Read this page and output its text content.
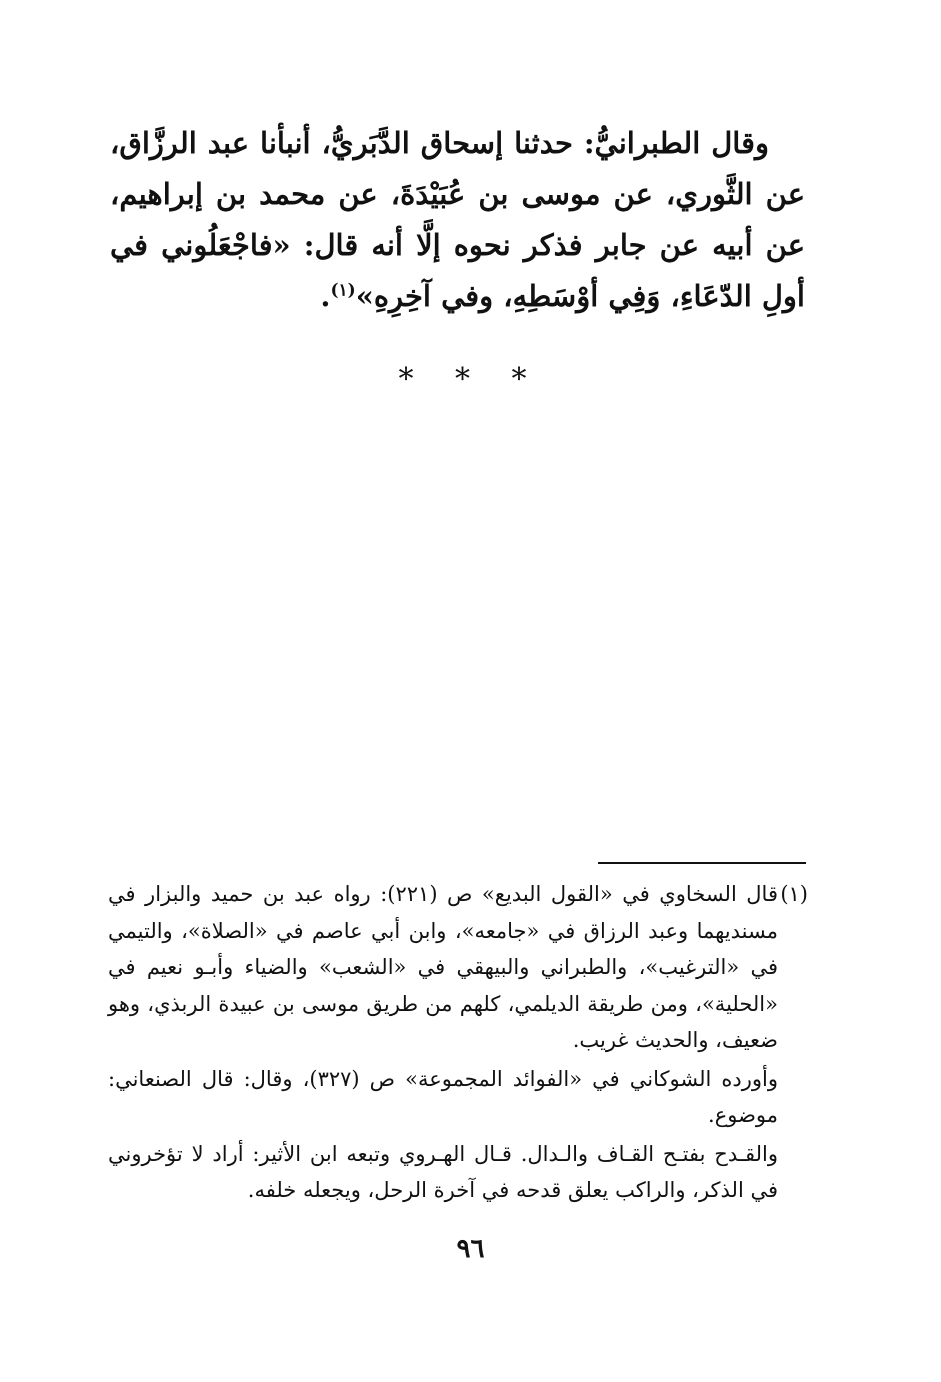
وقال الطبرانيُّ: حدثنا إسحاق الدَّبَريُّ، أنبأنا عبد الرزَّاق، عن الثَّوري، عن موسى بن عُبَيْدَةَ، عن محمد بن إبراهيم، عن أبيه عن جابر فذكر نحوه إلَّا أنه قال: «فاجْعَلُوني في أولِ الدّعَاءِ، وَفِي أوْسَطِهِ، وفي آخِرِهِ»$^{(١)}$.

* * *

(١)قال السخاوي في «القول البديع» ص (٢٢١): رواه عبد بن حميد والبزار في مسنديهما وعبد الرزاق في «جامعه»، وابن أبي عاصم في «الصلاة»، والتيمي في «الترغيب»، والطبراني والبيهقي في «الشعب» والضياء وأبـو نعيم في «الحلية»، ومن طريقة الديلمي، كلهم من طريق موسى بن عبيدة الربذي، وهو ضعيف، والحديث غريب.

وأورده الشوكاني في «الفوائد المجموعة» ص (٣٢٧)، وقال: قال الصنعاني: موضوع.

والقـدح بفتـح القـاف والـدال. قـال الهـروي وتبعه ابن الأثير: أراد لا تؤخروني في الذكر، والراكب يعلق قدحه في آخرة الرحل، ويجعله خلفه.

٩٦
